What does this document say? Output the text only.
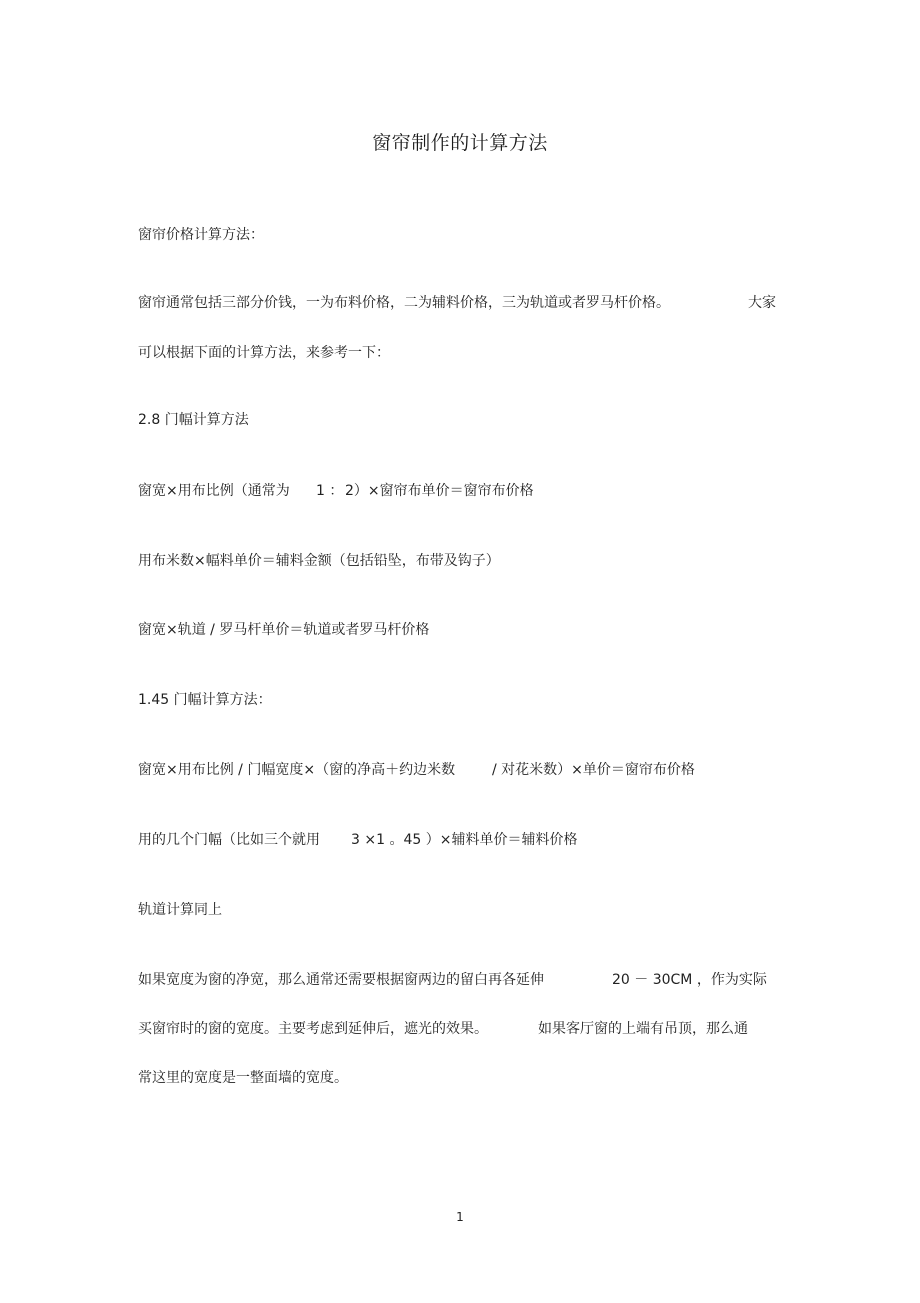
窗帘制作的计算方法
窗帘价格计算方法：
窗帘通常包括三部分价钱，一为布料价格，二为辅料价格，三为轨道或者罗马杆价格。	大家
可以根据下面的计算方法，来参考一下：
2.8 门幅计算方法
窗宽×用布比例（通常为 1 ： 2）×窗帘布单价＝窗帘布价格
用布米数×幅料单价＝辅料金额（包括铅坠，布带及钩子）
窗宽×轨道 / 罗马杆单价＝轨道或者罗马杆价格
1.45 门幅计算方法：
窗宽×用布比例 / 门幅宽度×（窗的净高＋约边米数	/ 对花米数）×单价＝窗帘布价格
用的几个门幅（比如三个就用 3 ×1 。45 ）×辅料单价＝辅料价格
轨道计算同上
如果宽度为窗的净宽，那么通常还需要根据窗两边的留白再各延伸	20 － 30CM ，作为实际
买窗帘时的窗的宽度。主要考虑到延伸后，遮光的效果。	如果客厅窗的上端有吊顶，那么通
常这里的宽度是一整面墙的宽度。
1
